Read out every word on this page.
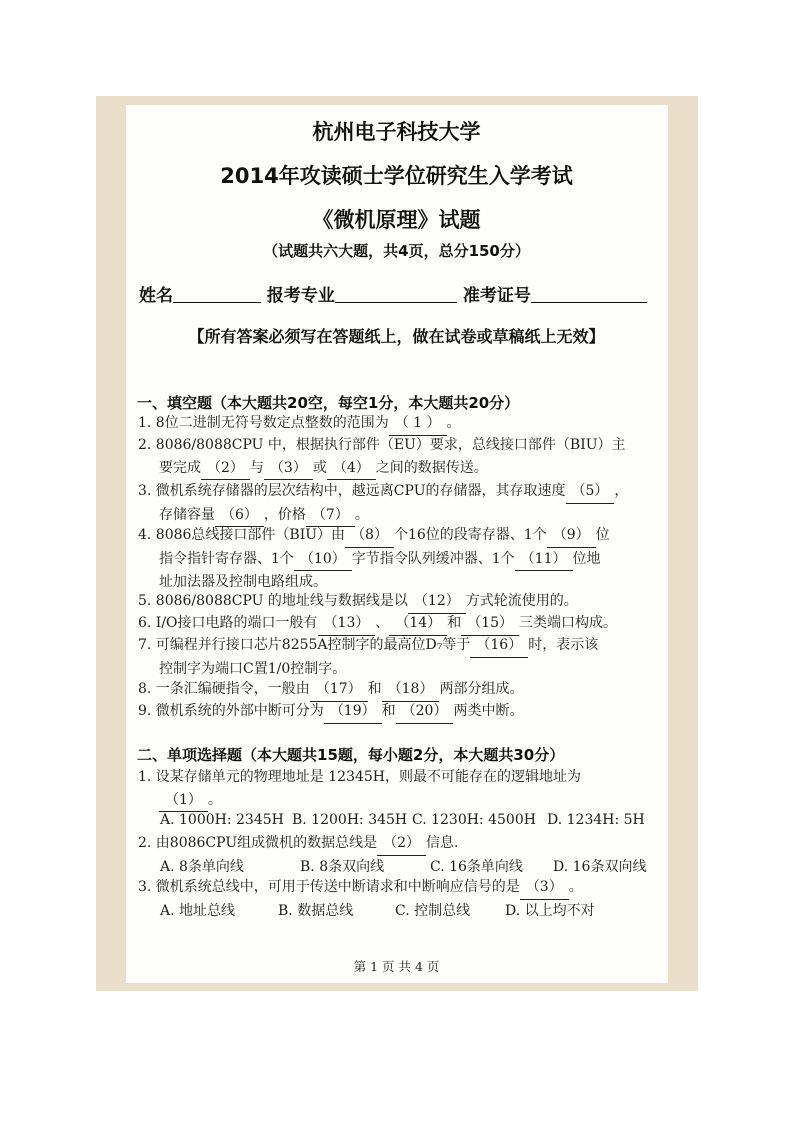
杭州电子科技大学
2014年攻读硕士学位研究生入学考试
《微机原理》试题
（试题共六大题，共4页，总分150分）
姓名	报考专业	准考证号
【所有答案必须写在答题纸上，做在试卷或草稿纸上无效】
一、填空题（本大题共20空，每空1分，本大题共20分）
1. 8位二进制无符号数定点整数的范围为 （ 1 ） 。
2. 8086/8088CPU 中，根据执行部件（EU）要求，总线接口部件（BIU）主
要完成 （2） 与 （3） 或 （4） 之间的数据传送。
3. 微机系统存储器的层次结构中，越远离CPU的存储器，其存取速度 （5） ，
存储容量 （6） ，价格 （7） 。
4. 8086总线接口部件（BIU）由 （8） 个16位的段寄存器、1个 （9） 位
指令指针寄存器、1个 （10） 字节指令队列缓冲器、1个 （11） 位地
址加法器及控制电路组成。
5. 8086/8088CPU 的地址线与数据线是以 （12） 方式轮流使用的。
6. I/O接口电路的端口一般有 （13） 、 （14） 和 （15） 三类端口构成。
7. 可编程并行接口芯片8255A控制字的最高位D₇等于 （16） 时，表示该
控制字为端口C置1/0控制字。
8. 一条汇编硬指令，一般由 （17） 和 （18） 两部分组成。
9. 微机系统的外部中断可分为 （19） 和 （20） 两类中断。
二、单项选择题（本大题共15题，每小题2分，本大题共30分）
1. 设某存储单元的物理地址是 12345H，则最不可能存在的逻辑地址为
（1） 。
A. 1000H: 2345H B. 1200H: 345H C. 1230H: 4500H D. 1234H: 5H
2. 由8086CPU组成微机的数据总线是 （2） 信息.
A. 8条单向线	B. 8条双向线	C. 16条单向线 D. 16条双向线
3. 微机系统总线中，可用于传送中断请求和中断响应信号的是 （3） 。
A. 地址总线	B. 数据总线	C. 控制总线 D. 以上均不对
第 1 页 共 4 页
